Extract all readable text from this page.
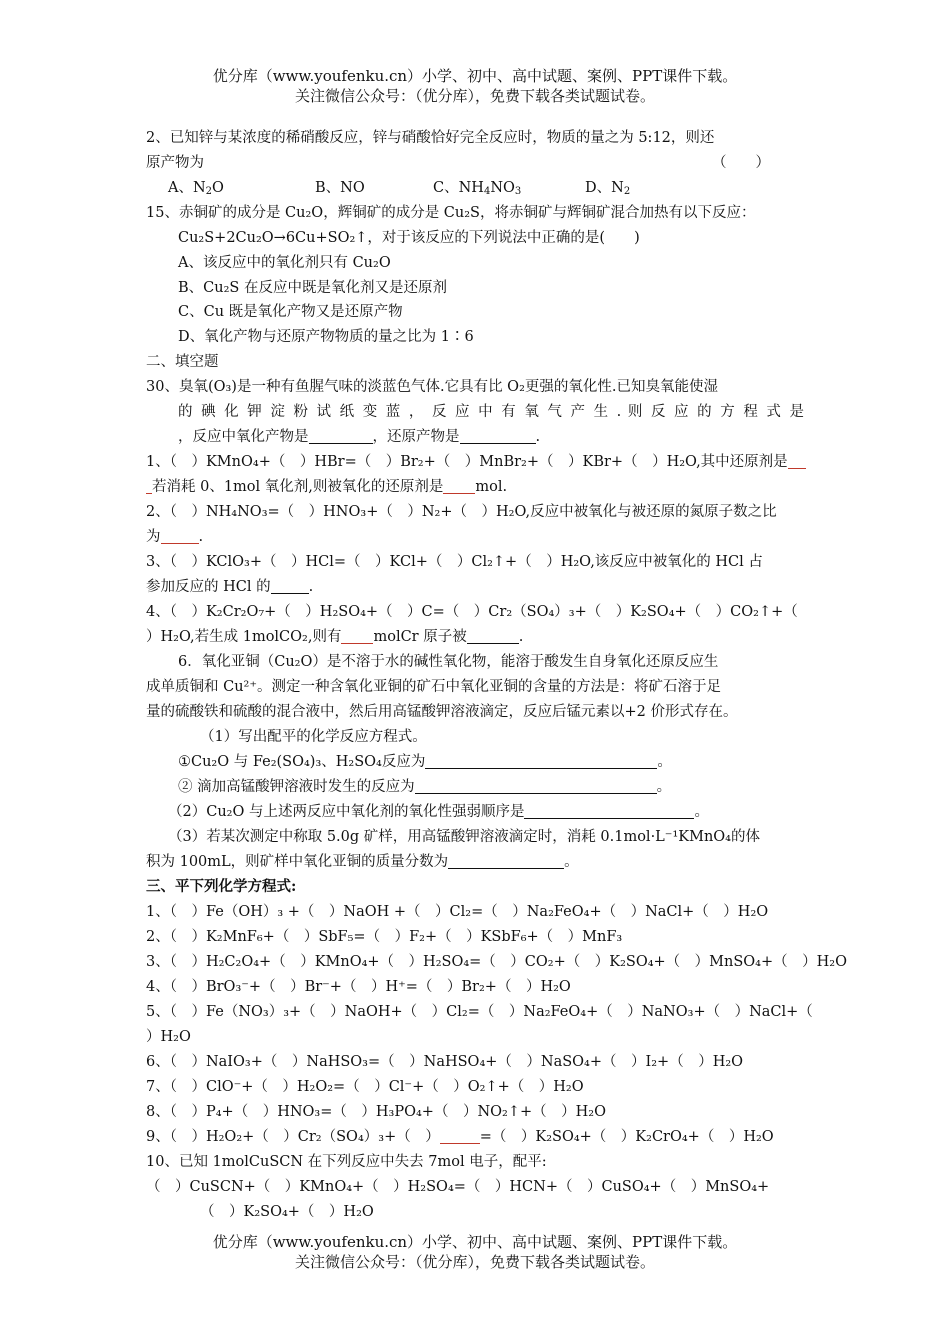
优分库（www.youfenku.cn）小学、初中、高中试题、案例、PPT课件下载。
关注微信公众号：（优分库），免费下载各类试题试卷。
2、已知锌与某浓度的稀硝酸反应，锌与硝酸恰好完全反应时，物质的量之为 5:12，则还
原产物为	（　　）
A、$N_2O$	B、NO	C、$NH_4NO_3$	D、$N_2$
15、赤铜矿的成分是 Cu₂O，辉铜矿的成分是 Cu₂S，将赤铜矿与辉铜矿混合加热有以下反应：
Cu₂S+2Cu₂O→6Cu+SO₂↑，对于该反应的下列说法中正确的是(　　)
A、该反应中的氧化剂只有 Cu₂O
B、Cu₂S 在反应中既是氧化剂又是还原剂
C、Cu 既是氧化产物又是还原产物
D、氧化产物与还原产物物质的量之比为 1∶6
二、填空题
30、臭氧(O₃)是一种有鱼腥气味的淡蓝色气体.它具有比 O₂更强的氧化性.已知臭氧能使湿
的 碘 化 钾 淀 粉 试 纸 变 蓝 ， 反 应 中 有 氧 气 产 生 . 则 反 应 的 方 程 式 是
，反应中氧化产物是	，还原产物是	.
1、（　）KMnO₄+（　）HBr=（　）Br₂+（　）MnBr₂+（　）KBr+（　）H₂O,其中还原剂是
若消耗 0、1mol 氧化剂,则被氧化的还原剂是 mol.
2、（　）NH₄NO₃=（　）HNO₃+（　）N₂+（　）H₂O,反应中被氧化与被还原的氮原子数之比
为	.
3、（　）KClO₃+（　）HCl=（　）KCl+（　）Cl₂↑+（　）H₂O,该反应中被氧化的 HCl 占
参加反应的 HCl 的	.
4、（　）K₂Cr₂O₇+（　）H₂SO₄+（　）C=（　）Cr₂（SO₄）₃+（　）K₂SO₄+（　）CO₂↑+（
）H₂O,若生成 1molCO₂,则有 molCr 原子被	.
6．氧化亚铜（Cu₂O）是不溶于水的碱性氧化物，能溶于酸发生自身氧化还原反应生
成单质铜和 Cu²⁺。测定一种含氧化亚铜的矿石中氧化亚铜的含量的方法是：将矿石溶于足
量的硫酸铁和硫酸的混合液中，然后用高锰酸钾溶液滴定，反应后锰元素以+2 价形式存在。
（1）写出配平的化学反应方程式。
①Cu₂O 与 Fe₂(SO₄)₃、H₂SO₄反应为	。
② 滴加高锰酸钾溶液时发生的反应为	。
（2）Cu₂O 与上述两反应中氧化剂的氧化性强弱顺序是	。
（3）若某次测定中称取 5.0g 矿样，用高锰酸钾溶液滴定时，消耗 0.1mol·L⁻¹KMnO₄的体
积为 100mL，则矿样中氧化亚铜的质量分数为	。
三、平下列化学方程式:
1、（　）Fe（OH）₃ +（　）NaOH +（　）Cl₂=（　）Na₂FeO₄+（　）NaCl+（　）H₂O
2、（　）K₂MnF₆+（　）SbF₅=（　）F₂+（　）KSbF₆+（　）MnF₃
3、（　）H₂C₂O₄+（　）KMnO₄+（　）H₂SO₄=（　）CO₂+（　）K₂SO₄+（　）MnSO₄+（　）H₂O
4、（　）BrO₃⁻+（　）Br⁻+（　）H⁺=（　）Br₂+（　）H₂O
5、（　）Fe（NO₃）₃+（　）NaOH+（　）Cl₂=（　）Na₂FeO₄+（　）NaNO₃+（　）NaCl+（
）H₂O
6、（　）NaIO₃+（　）NaHSO₃=（　）NaHSO₄+（　）NaSO₄+（　）I₂+（　）H₂O
7、（　）ClO⁻+（　）H₂O₂=（　）Cl⁻+（　）O₂↑+（　）H₂O
8、（　）P₄+（　）HNO₃=（　）H₃PO₄+（　）NO₂↑+（　）H₂O
9、（　）H₂O₂+（　）Cr₂（SO₄）₃+（　）	=（　）K₂SO₄+（　）K₂CrO₄+（　）H₂O
10、已知 1molCuSCN 在下列反应中失去 7mol 电子，配平:
（　）CuSCN+（　）KMnO₄+（　）H₂SO₄=（　）HCN+（　）CuSO₄+（　）MnSO₄+
（　）K₂SO₄+（　）H₂O
优分库（www.youfenku.cn）小学、初中、高中试题、案例、PPT课件下载。
关注微信公众号：（优分库），免费下载各类试题试卷。
